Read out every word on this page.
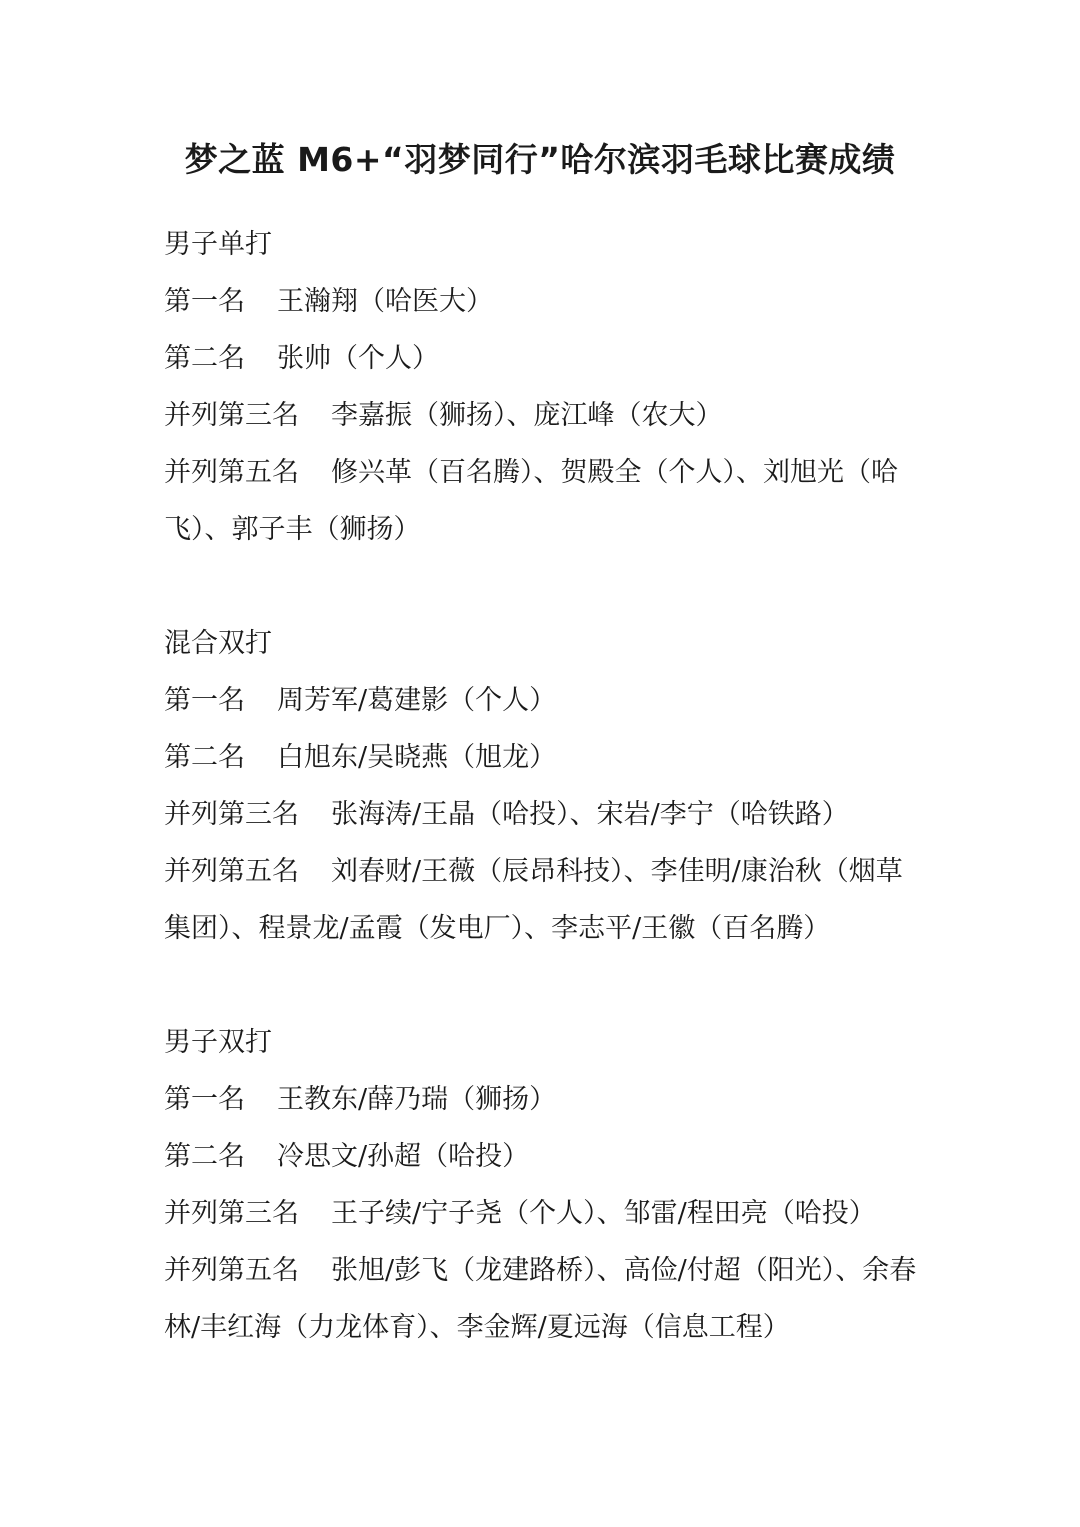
梦之蓝 M6+“羽梦同行”哈尔滨羽毛球比赛成绩
男子单打
第一名 王瀚翔（哈医大）
第二名 张帅（个人）
并列第三名 李嘉振（狮扬）、庞江峰（农大）
并列第五名 修兴革（百名腾）、贺殿全（个人）、刘旭光（哈飞）、郭子丰（狮扬）
混合双打
第一名 周芳军/葛建影（个人）
第二名 白旭东/吴晓燕（旭龙）
并列第三名 张海涛/王晶（哈投）、宋岩/李宁（哈铁路）
并列第五名 刘春财/王薇（辰昂科技）、李佳明/康治秋（烟草集团）、程景龙/孟霞（发电厂）、李志平/王徽（百名腾）
男子双打
第一名 王教东/薛乃瑞（狮扬）
第二名 冷思文/孙超（哈投）
并列第三名 王子续/宁子尧（个人）、邹雷/程田亮（哈投）
并列第五名 张旭/彭飞（龙建路桥）、高俭/付超（阳光）、余春林/丰红海（力龙体育）、李金辉/夏远海（信息工程）
